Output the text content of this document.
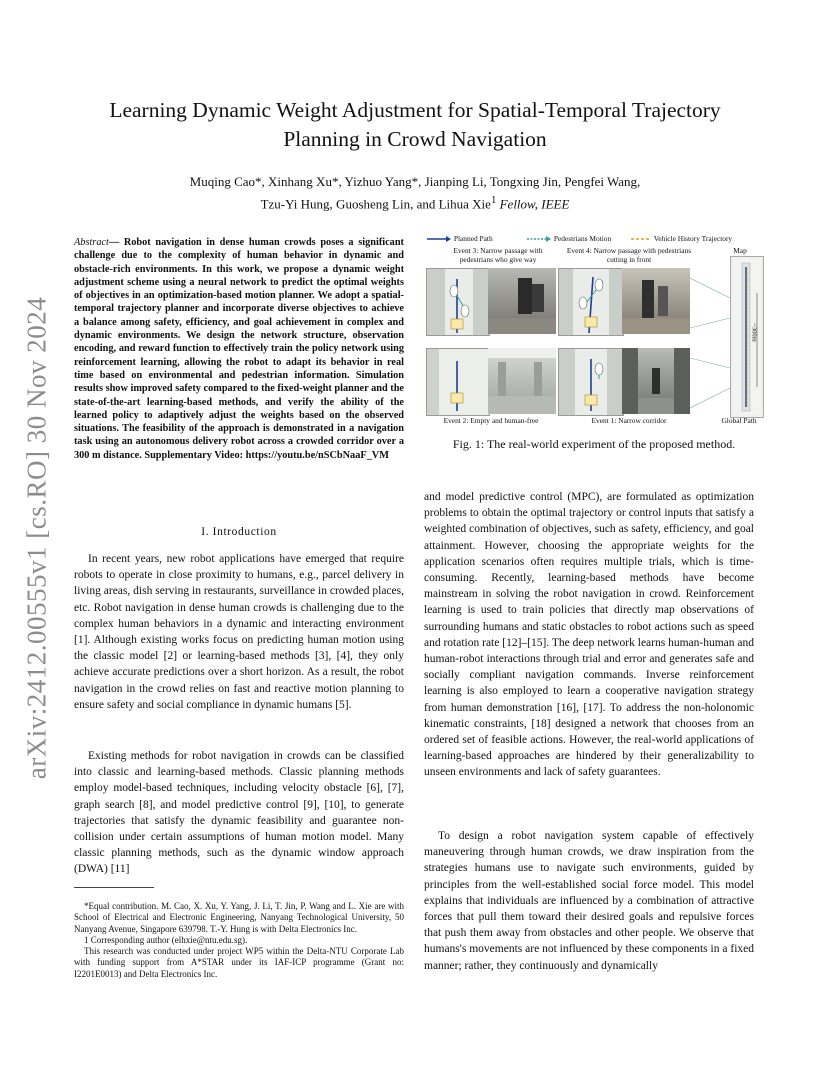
arXiv:2412.00555v1 [cs.RO] 30 Nov 2024
Learning Dynamic Weight Adjustment for Spatial-Temporal Trajectory
Planning in Crowd Navigation
Muqing Cao*, Xinhang Xu*, Yizhuo Yang*, Jianping Li, Tongxing Jin, Pengfei Wang,
Tzu-Yi Hung, Guosheng Lin, and Lihua Xie$^1$ Fellow, IEEE
Abstract— Robot navigation in dense human crowds poses a significant challenge due to the complexity of human behavior in dynamic and obstacle-rich environments. In this work, we propose a dynamic weight adjustment scheme using a neural network to predict the optimal weights of objectives in an optimization-based motion planner. We adopt a spatial-temporal trajectory planner and incorporate diverse objectives to achieve a balance among safety, efficiency, and goal achievement in complex and dynamic environments. We design the network structure, observation encoding, and reward function to effectively train the policy network using reinforcement learning, allowing the robot to adapt its behavior in real time based on environmental and pedestrian information. Simulation results show improved safety compared to the fixed-weight planner and the state-of-the-art learning-based methods, and verify the ability of the learned policy to adaptively adjust the weights based on the observed situations. The feasibility of the approach is demonstrated in a navigation task using an autonomous delivery robot across a crowded corridor over a 300 m distance. Supplementary Video: https://youtu.be/nSCbNaaF_VM
I. Introduction
In recent years, new robot applications have emerged that require robots to operate in close proximity to humans, e.g., parcel delivery in living areas, dish serving in restaurants, surveillance in crowded places, etc. Robot navigation in dense human crowds is challenging due to the complex human behaviors in a dynamic and interacting environment [1]. Although existing works focus on predicting human motion using the classic model [2] or learning-based methods [3], [4], they only achieve accurate predictions over a short horizon. As a result, the robot navigation in the crowd relies on fast and reactive motion planning to ensure safety and social compliance in dynamic humans [5].
Existing methods for robot navigation in crowds can be classified into classic and learning-based methods. Classic planning methods employ model-based techniques, including velocity obstacle [6], [7], graph search [8], and model predictive control [9], [10], to generate trajectories that satisfy the dynamic feasibility and guarantee non-collision under certain assumptions of human motion model. Many classic planning methods, such as the dynamic window approach (DWA) [11]

*Equal contribution. M. Cao, X. Xu, Y. Yang, J. Li, T. Jin, P. Wang and L. Xie are with School of Electrical and Electronic Engineering, Nanyang Technological University, 50 Nanyang Avenue, Singapore 639798. T.-Y. Hung is with Delta Electronics Inc.

1 Corresponding author (elhxie@ntu.edu.sg).

This research was conducted under project WP5 within the Delta-NTU Corporate Lab with funding support from A*STAR under its IAF-ICP programme (Grant no: I2201E0013) and Delta Electronics Inc.

Planned Path	Pedestrians Motion	Vehicle History Trajectory
Event 3: Narrow passage with pedestrians who give way
Event 4: Narrow passage with pedestrians cutting in front
Map
~300m
Event 2: Empty and human-free	Event 1: Narrow corridor	Global Path
Fig. 1: The real-world experiment of the proposed method.
and model predictive control (MPC), are formulated as optimization problems to obtain the optimal trajectory or control inputs that satisfy a weighted combination of objectives, such as safety, efficiency, and goal attainment. However, choosing the appropriate weights for the application scenarios often requires multiple trials, which is time-consuming. Recently, learning-based methods have become mainstream in solving the robot navigation in crowd. Reinforcement learning is used to train policies that directly map observations of surrounding humans and static obstacles to robot actions such as speed and rotation rate [12]–[15]. The deep network learns human-human and human-robot interactions through trial and error and generates safe and socially compliant navigation commands. Inverse reinforcement learning is also employed to learn a cooperative navigation strategy from human demonstration [16], [17]. To address the non-holonomic kinematic constraints, [18] designed a network that chooses from an ordered set of feasible actions. However, the real-world applications of learning-based approaches are hindered by their generalizability to unseen environments and lack of safety guarantees.
To design a robot navigation system capable of effectively maneuvering through human crowds, we draw inspiration from the strategies humans use to navigate such environments, guided by principles from the well-established social force model. This model explains that individuals are influenced by a combination of attractive forces that pull them toward their desired goals and repulsive forces that push them away from obstacles and other people. We observe that humans's movements are not influenced by these components in a fixed manner; rather, they continuously and dynamically
